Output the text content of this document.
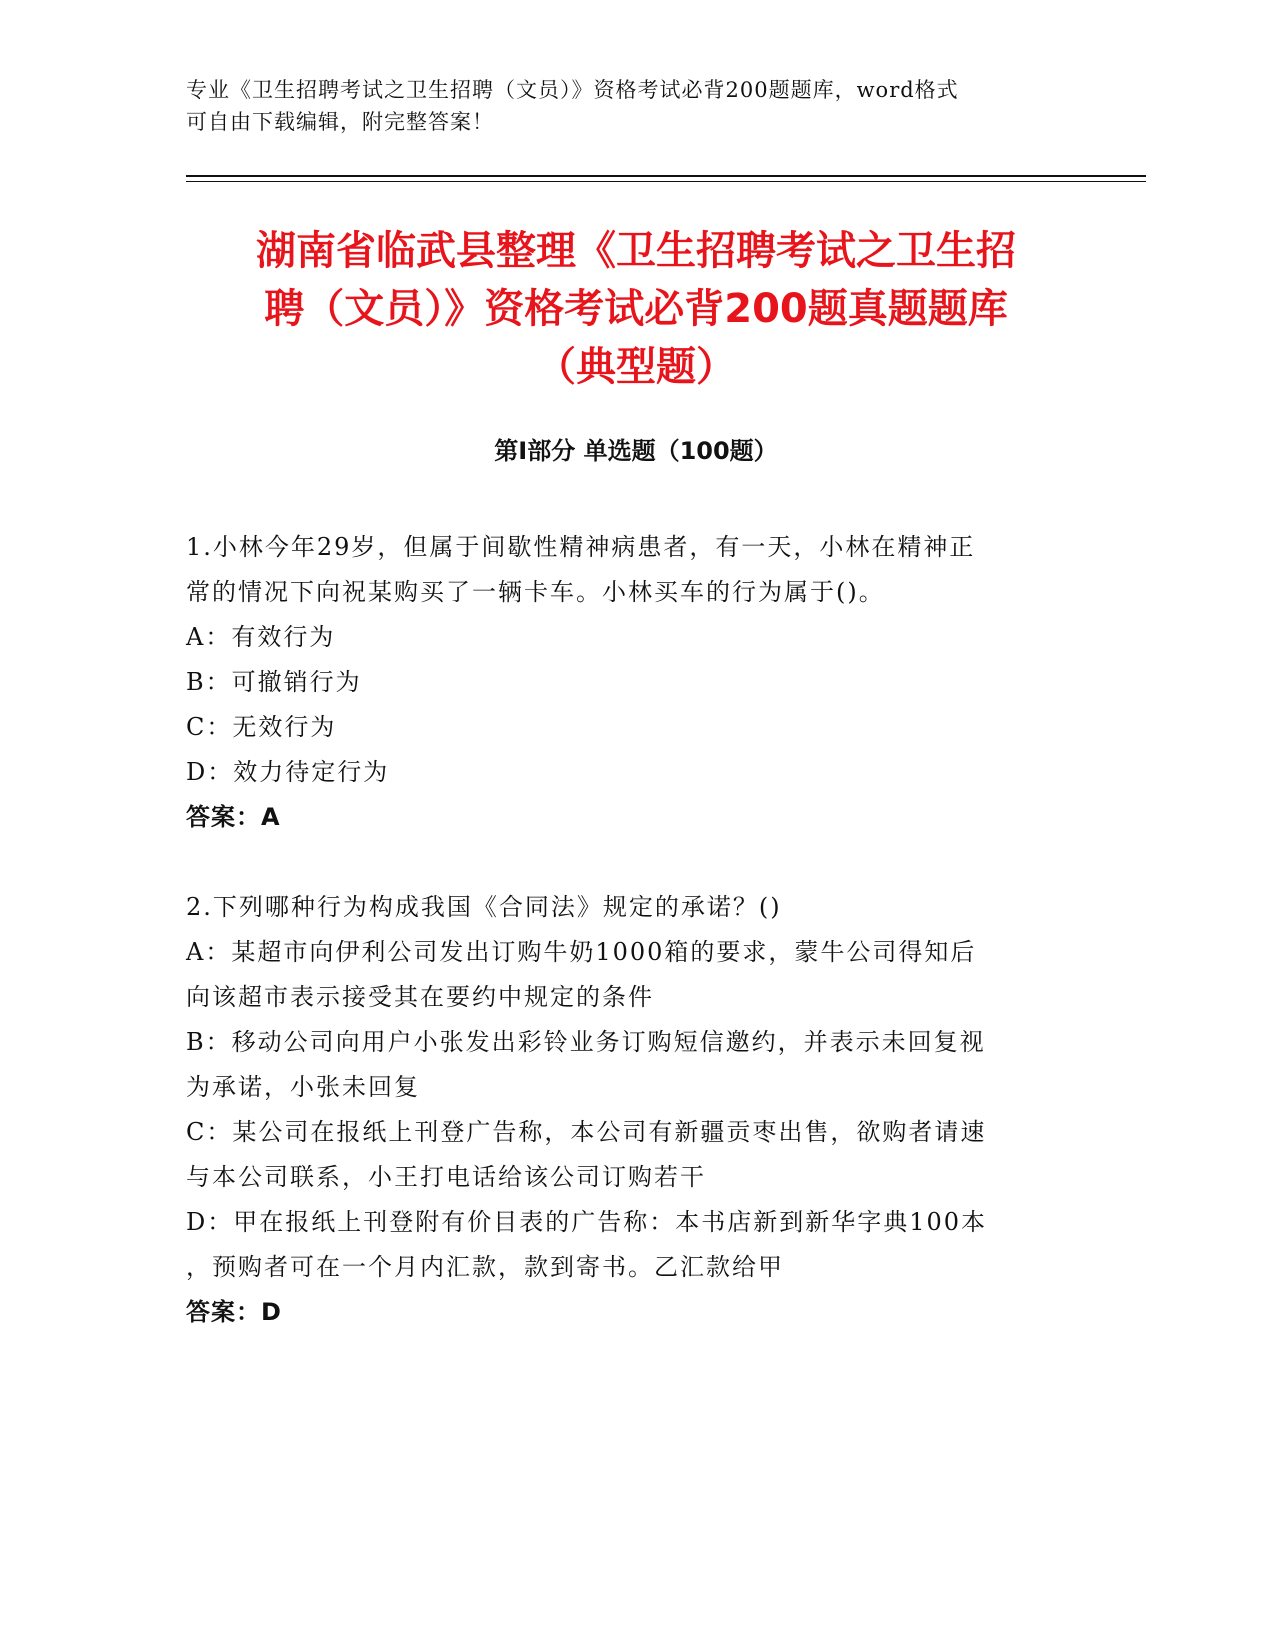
专业《卫生招聘考试之卫生招聘（文员）》资格考试必背200题题库，word格式
可自由下载编辑，附完整答案！
湖南省临武县整理《卫生招聘考试之卫生招
聘（文员）》资格考试必背200题真题题库
（典型题）
第Ⅰ部分 单选题（100题）
1.小林今年29岁，但属于间歇性精神病患者，有一天，小林在精神正
常的情况下向祝某购买了一辆卡车。小林买车的行为属于()。
A：有效行为
B：可撤销行为
C：无效行为
D：效力待定行为
答案：A
2.下列哪种行为构成我国《合同法》规定的承诺？()
A：某超市向伊利公司发出订购牛奶1000箱的要求，蒙牛公司得知后
向该超市表示接受其在要约中规定的条件
B：移动公司向用户小张发出彩铃业务订购短信邀约，并表示未回复视
为承诺，小张未回复
C：某公司在报纸上刊登广告称，本公司有新疆贡枣出售，欲购者请速
与本公司联系，小王打电话给该公司订购若干
D：甲在报纸上刊登附有价目表的广告称：本书店新到新华字典100本
，预购者可在一个月内汇款，款到寄书。乙汇款给甲
答案：D
